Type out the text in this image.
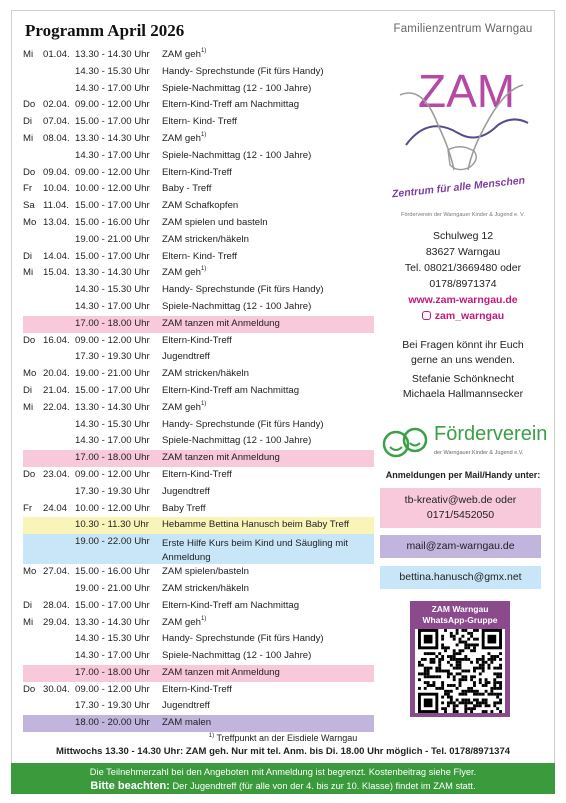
Programm April 2026
Mi	01.04. 13.30 - 14.30 Uhr	ZAM geh$^{1)}$
14.30 - 15.30 Uhr	Handy- Sprechstunde (Fit fürs Handy)
14.30 - 17.00 Uhr	Spiele-Nachmittag (12 - 100 Jahre)
Do 02.04. 09.00 - 12.00 Uhr	Eltern-Kind-Treff am Nachmittag
Di	07.04. 15.00 - 17.00 Uhr	Eltern- Kind- Treff
Mi	08.04. 13.30 - 14.30 Uhr	ZAM geh$^{1)}$
14.30 - 17.00 Uhr	Spiele-Nachmittag (12 - 100 Jahre)
Do 09.04. 09.00 - 12.00 Uhr	Eltern-Kind-Treff
Fr	10.04. 10.00 - 12.00 Uhr	Baby - Treff
Sa 11.04. 15.00 - 17.00 Uhr	ZAM Schafkopfen
Mo 13.04. 15.00 - 16.00 Uhr	ZAM spielen und basteln
19.00 - 21.00 Uhr	ZAM stricken/häkeln
Di	14.04. 15.00 - 17.00 Uhr	Eltern- Kind- Treff
Mi	15.04. 13.30 - 14.30 Uhr	ZAM geh$^{1)}$
14.30 - 15.30 Uhr	Handy- Sprechstunde (Fit fürs Handy)
14.30 - 17.00 Uhr	Spiele-Nachmittag (12 - 100 Jahre)
17.00 - 18.00 Uhr	ZAM tanzen mit Anmeldung
Do 16.04. 09.00 - 12.00 Uhr	Eltern-Kind-Treff
17.30 - 19.30 Uhr	Jugendtreff
Mo 20.04. 19.00 - 21.00 Uhr	ZAM stricken/häkeln
Di	21.04. 15.00 - 17.00 Uhr	Eltern-Kind-Treff am Nachmittag
Mi	22.04. 13.30 - 14.30 Uhr	ZAM geh$^{1)}$
14.30 - 15.30 Uhr	Handy- Sprechstunde (Fit fürs Handy)
14.30 - 17.00 Uhr	Spiele-Nachmittag (12 - 100 Jahre)
17.00 - 18.00 Uhr	ZAM tanzen mit Anmeldung
Do 23.04. 09.00 - 12.00 Uhr	Eltern-Kind-Treff
17.30 - 19.30 Uhr	Jugendtreff
Fr	24.04 10.00 - 12.00 Uhr	Baby Treff
10.30 - 11.30 Uhr	Hebamme Bettina Hanusch beim Baby Treff
19.00 - 22.00 Uhr	Erste Hilfe Kurs beim Kind und Säugling mit Anmeldung
Mo 27.04. 15.00 - 16.00 Uhr	ZAM spielen/basteln
19.00 - 21.00 Uhr	ZAM stricken/häkeln
Di	28.04. 15.00 - 17.00 Uhr	Eltern-Kind-Treff am Nachmittag
Mi	29.04. 13.30 - 14.30 Uhr	ZAM geh$^{1)}$
14.30 - 15.30 Uhr	Handy- Sprechstunde (Fit fürs Handy)
14.30 - 17.00 Uhr	Spiele-Nachmittag (12 - 100 Jahre)
17.00 - 18.00 Uhr	ZAM tanzen mit Anmeldung
Do 30.04. 09.00 - 12.00 Uhr	Eltern-Kind-Treff
17.30 - 19.30 Uhr	Jugendtreff
18.00 - 20.00 Uhr	ZAM malen
Familienzentrum Warngau
ZAM
Zentrum für alle Menschen
Förderverein der Warngauer Kinder & Jugend e. V.
Schulweg 12
83627 Warngau
Tel. 08021/3669480 oder
0178/8971374
www.zam-warngau.de
zam_warngau
Bei Fragen könnt ihr Euch
gerne an uns wenden.
Stefanie Schönknecht
Michaela Hallmannsecker
Förderverein
der Warngauer Kinder & Jugend e.V.
Anmeldungen per Mail/Handy unter:
tb-kreativ@web.de oder
0171/5452050
mail@zam-warngau.de
bettina.hanusch@gmx.net
ZAM Warngau
WhatsApp-Gruppe
$^{1)}$ Treffpunkt an der Eisdiele Warngau
Mittwochs 13.30 - 14.30 Uhr: ZAM geh. Nur mit tel. Anm. bis Di. 18.00 Uhr möglich - Tel. 0178/8971374
Die Teilnehmerzahl bei den Angeboten mit Anmeldung ist begrenzt. Kostenbeitrag siehe Flyer.
Bitte beachten: Der Jugendtreff (für alle von der 4. bis zur 10. Klasse) findet im ZAM statt.
